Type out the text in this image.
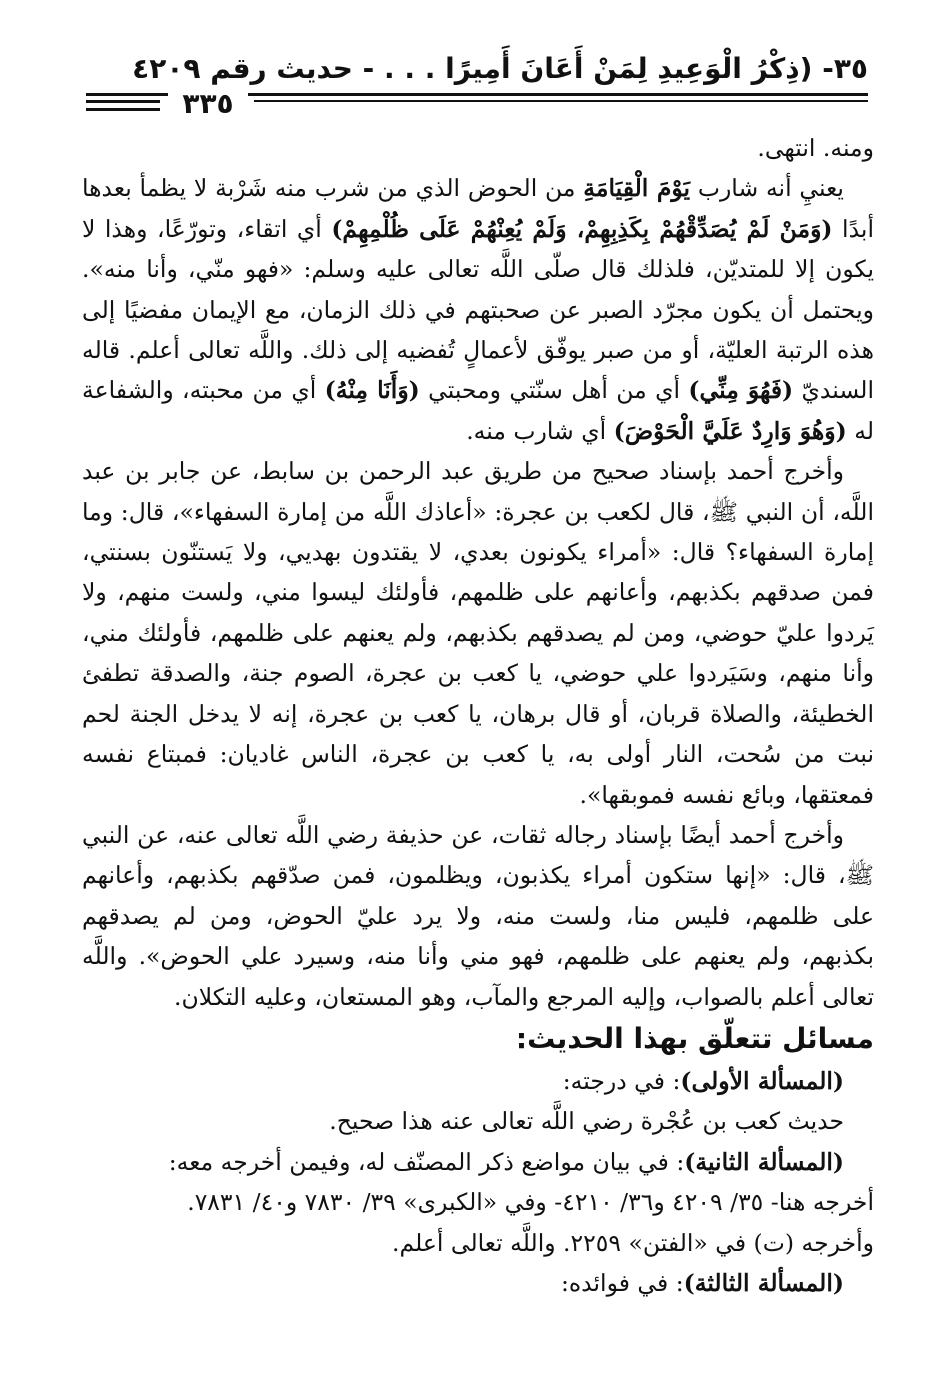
٣٥- (ذِكْرُ الْوَعِيدِ لِمَنْ أَعَانَ أَمِيرًا . . . - حديث رقم ٤٢٠٩
٣٣٥

ومنه. انتهى.

يعنيِ أنه شارب يَوْمَ الْقِيَامَةِ من الحوض الذي من شرب منه شَرْبة لا يظمأ بعدها أبدًا (وَمَنْ لَمْ يُصَدِّقْهُمْ بِكَذِبِهِمْ، وَلَمْ يُعِنْهُمْ عَلَى ظُلْمِهِمْ) أي اتقاء، وتورّعًا، وهذا لا يكون إلا للمتديّن، فلذلك قال صلّى اللَّه تعالى عليه وسلم: «فهو منّي، وأنا منه». ويحتمل أن يكون مجرّد الصبر عن صحبتهم في ذلك الزمان، مع الإيمان مفضيًا إلى هذه الرتبة العليّة، أو من صبر يوفّق لأعمالٍ تُفضيه إلى ذلك. واللَّه تعالى أعلم. قاله السنديّ (فَهُوَ مِنِّي) أي من أهل سنّتي ومحبتي (وَأَنَا مِنْهُ) أي من محبته، والشفاعة له (وَهُوَ وَارِدٌ عَلَيَّ الْحَوْضَ) أي شارب منه.

وأخرج أحمد بإسناد صحيح من طريق عبد الرحمن بن سابط، عن جابر بن عبد اللَّه، أن النبي ﷺ، قال لكعب بن عجرة: «أعاذك اللَّه من إمارة السفهاء»، قال: وما إمارة السفهاء؟ قال: «أمراء يكونون بعدي، لا يقتدون بهديي، ولا يَستنّون بسنتي، فمن صدقهم بكذبهم، وأعانهم على ظلمهم، فأولئك ليسوا مني، ولست منهم، ولا يَردوا عليّ حوضي، ومن لم يصدقهم بكذبهم، ولم يعنهم على ظلمهم، فأولئك مني، وأنا منهم، وسَيَردوا علي حوضي، يا كعب بن عجرة، الصوم جنة، والصدقة تطفئ الخطيئة، والصلاة قربان، أو قال برهان، يا كعب بن عجرة، إنه لا يدخل الجنة لحم نبت من سُحت، النار أولى به، يا كعب بن عجرة، الناس غاديان: فمبتاع نفسه فمعتقها، وبائع نفسه فموبقها».

وأخرج أحمد أيضًا بإسناد رجاله ثقات، عن حذيفة رضي اللَّه تعالى عنه، عن النبي ﷺ، قال: «إنها ستكون أمراء يكذبون، ويظلمون، فمن صدّقهم بكذبهم، وأعانهم على ظلمهم، فليس منا، ولست منه، ولا يرد عليّ الحوض، ومن لم يصدقهم بكذبهم، ولم يعنهم على ظلمهم، فهو مني وأنا منه، وسيرد علي الحوض». واللَّه تعالى أعلم بالصواب، وإليه المرجع والمآب، وهو المستعان، وعليه التكلان.

مسائل تتعلّق بهذا الحديث:

(المسألة الأولى): في درجته:

حديث كعب بن عُجْرة رضي اللَّه تعالى عنه هذا صحيح.

(المسألة الثانية): في بيان مواضع ذكر المصنّف له، وفيمن أخرجه معه:

أخرجه هنا- ٣٥/ ٤٢٠٩ و٣٦/ ٤٢١٠- وفي «الكبرى» ٣٩/ ٧٨٣٠ و٤٠/ ٧٨٣١.

وأخرجه (ت) في «الفتن» ٢٢٥٩. واللَّه تعالى أعلم.

(المسألة الثالثة): في فوائده:
